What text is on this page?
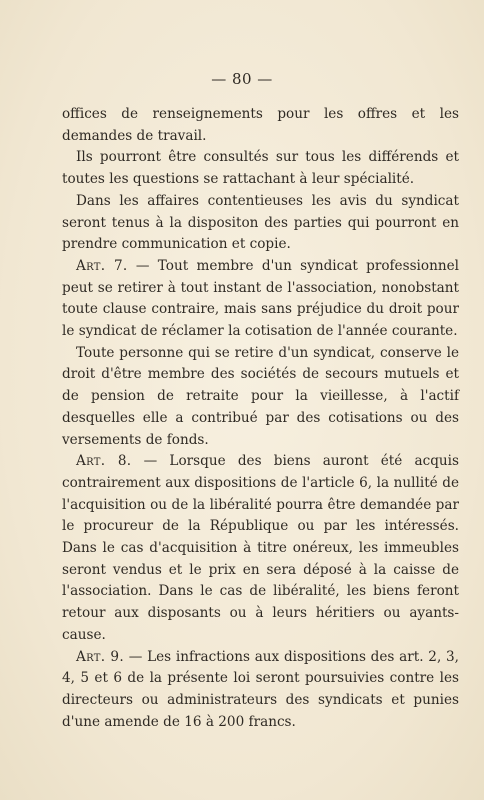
— 80 —

offices de renseignements pour les offres et les demandes de travail.

Ils pourront être consultés sur tous les différends et toutes les questions se rattachant à leur spécialité.

Dans les affaires contentieuses les avis du syndicat seront tenus à la dispositon des parties qui pourront en prendre communication et copie.

Art. 7. — Tout membre d'un syndicat professionnel peut se retirer à tout instant de l'association, nonobstant toute clause contraire, mais sans préjudice du droit pour le syndicat de réclamer la cotisation de l'année courante.

Toute personne qui se retire d'un syndicat, conserve le droit d'être membre des sociétés de secours mutuels et de pension de retraite pour la vieillesse, à l'actif desquelles elle a contribué par des cotisations ou des versements de fonds.

Art. 8. — Lorsque des biens auront été acquis contrairement aux dispositions de l'article 6, la nullité de l'acquisition ou de la libéralité pourra être demandée par le procureur de la République ou par les intéressés. Dans le cas d'acquisition à titre onéreux, les immeubles seront vendus et le prix en sera déposé à la caisse de l'association. Dans le cas de libéralité, les biens feront retour aux disposants ou à leurs héritiers ou ayants-cause.

Art. 9. — Les infractions aux dispositions des art. 2, 3, 4, 5 et 6 de la présente loi seront poursuivies contre les directeurs ou administrateurs des syndicats et punies d'une amende de 16 à 200 francs.
